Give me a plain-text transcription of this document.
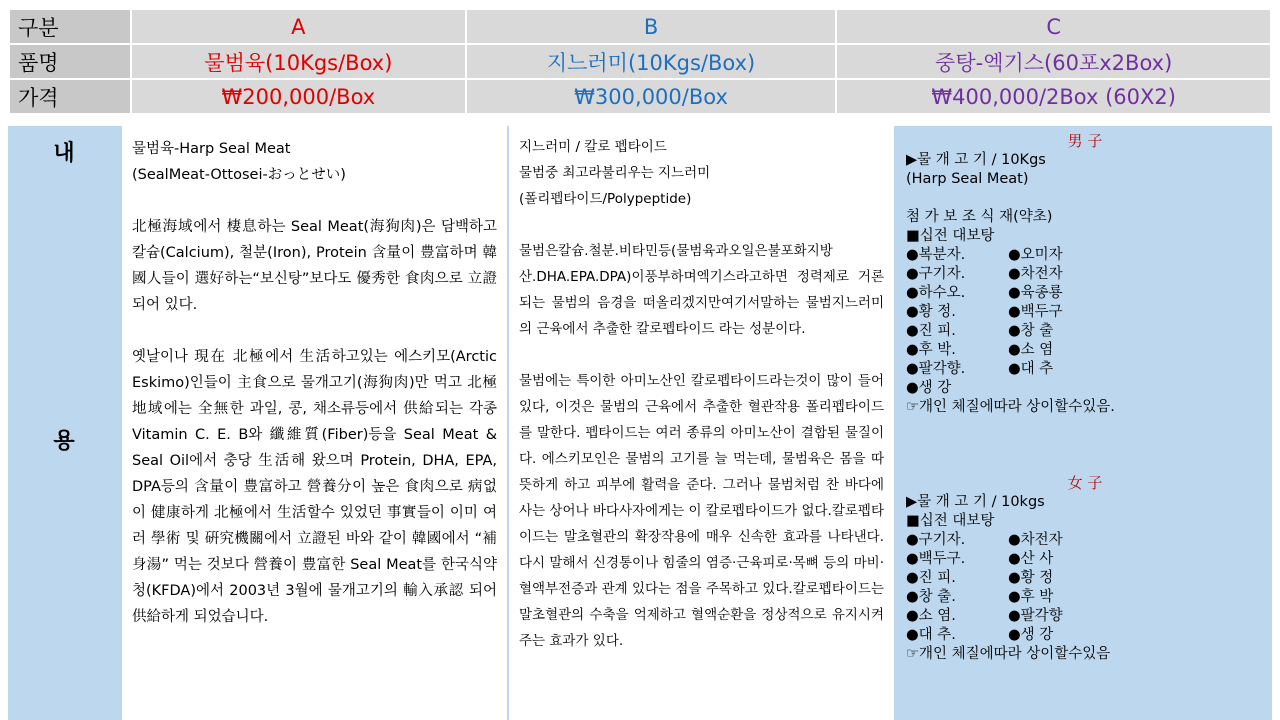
구분	A	B	C
품명	물범육(10Kgs/Box)	지느러미(10Kgs/Box)	중탕-엑기스(60포x2Box)
가격	₩200,000/Box	₩300,000/Box	₩400,000/2Box (60X2)
내
용

물범육-Harp Seal Meat

(SealMeat-Ottosei-おっとせい)

北極海域에서 棲息하는 Seal Meat(海狗肉)은 담백하고 칼슘(Calcium), 철분(Iron), Protein 含量이 豊富하며 韓國人들이 選好하는“보신탕”보다도 優秀한 食肉으로 立證되어 있다.

옛날이나 現在 北極에서 生活하고있는 에스키모(Arctic Eskimo)인들이 主食으로 물개고기(海狗肉)만 먹고 北極地域에는 全無한 과일, 콩, 채소류등에서 供給되는 각종 Vitamin C. E. B와 纖維質(Fiber)등을 Seal Meat & Seal Oil에서 충당 生活해 왔으며 Protein, DHA, EPA, DPA등의 含量이 豊富하고 營養分이 높은 食肉으로 病없이 健康하게 北極에서 生活할수 있었던 事實들이 이미 여러 學術 및 硏究機關에서 立證된 바와 같이 韓國에서 “補身湯” 먹는 것보다 營養이 豊富한 Seal Meat를 한국식약청(KFDA)에서 2003년 3월에 물개고기의 輸入承認 되어 供給하게 되었습니다.

지느러미 / 칼로 펩타이드

물범중 최고라불리우는 지느러미

(폴리펩타이드/Polypeptide)

물범은칼슘.철분.비타민등(물범육과오일은불포화지방산.DHA.EPA.DPA)이풍부하며엑기스라고하면 정력제로 거론되는 물범의 음경을 떠올리겠지만여기서말하는 물범지느러미의 근육에서 추출한 칼로펩타이드 라는 성분이다.

물범에는 특이한 아미노산인 칼로펩타이드라는것이 많이 들어 있다, 이것은 물범의 근육에서 추출한 혈관작용 폴리펩타이드를 말한다. 펩타이드는 여러 종류의 아미노산이 결합된 물질이다. 에스키모인은 물범의 고기를 늘 먹는데, 물범육은 몸을 따뜻하게 하고 피부에 활력을 준다. 그러나 물범처럼 찬 바다에 사는 상어나 바다사자에게는 이 칼로펩타이드가 없다.칼로펩타이드는 말초혈관의 확장작용에 매우 신속한 효과를 나타낸다. 다시 말해서 신경통이나 힘줄의 염증·근육피로·목뼈 등의 마비·혈액부전증과 관계 있다는 점을 주목하고 있다.칼로펩타이드는 말초혈관의 수축을 억제하고 혈액순환을 정상적으로 유지시켜 주는 효과가 있다.

男 子

▶물 개 고 기 / 10Kgs

(Harp Seal Meat)

첨 가 보 조 식 재(약초)

■십전 대보탕

●복분자.	●오미자
●구기자.	●차전자
●하수오.	●육종룡
●황 정.	●백두구
●진 피.	●창 출
●후 박.	●소 염
●팔각향.	●대 추
●생 강

☞개인 체질에따라 상이할수있음.

女 子

▶물 개 고 기 / 10kgs

■십전 대보탕

●구기자.	●차전자
●백두구.	●산 사
●진 피.	●황 정
●창 출.	●후 박
●소 염.	●팔각향
●대 추.	●생 강

☞개인 체질에따라 상이할수있음
